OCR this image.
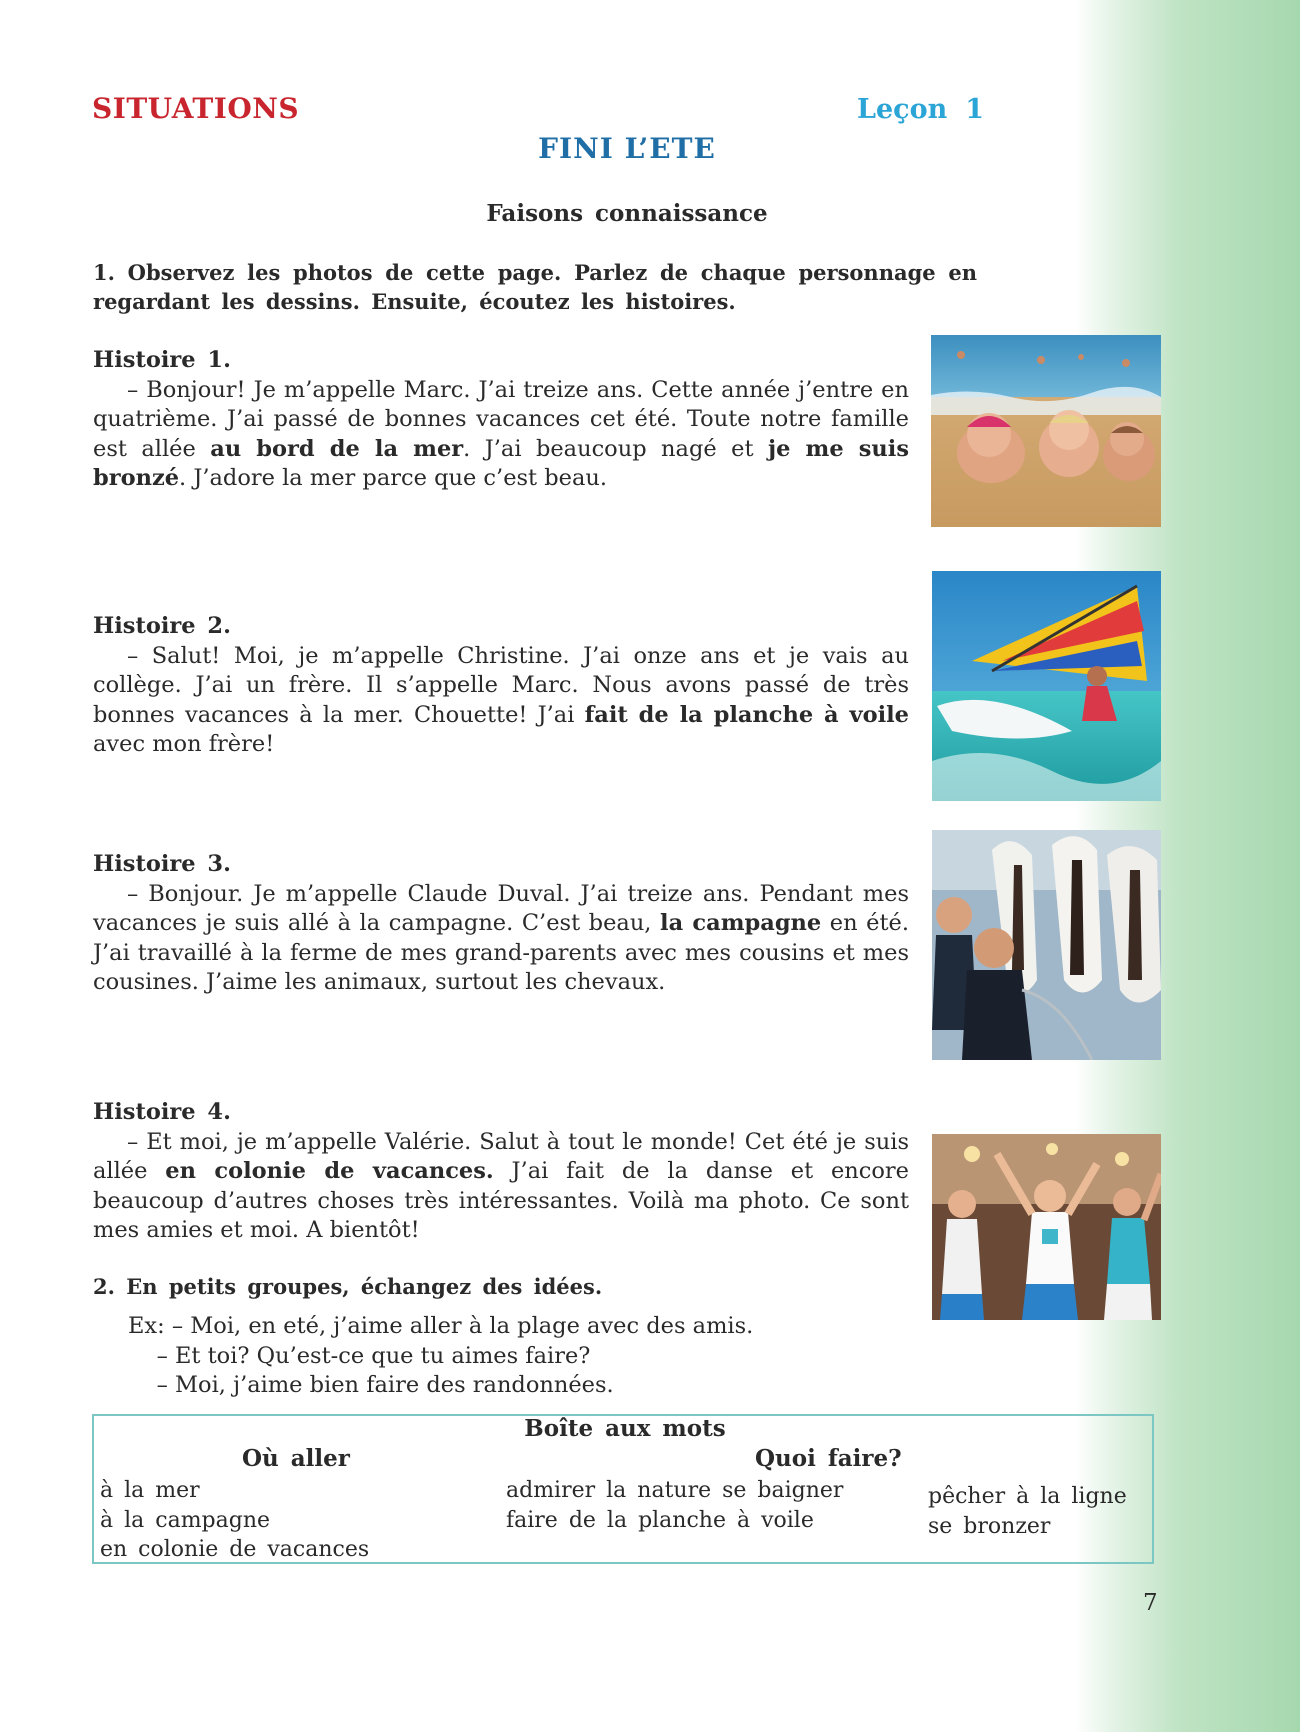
SITUATIONS	Leçon 1
FINI L’ETE
Faisons connaissance
1. Observez les photos de cette page. Parlez de chaque personnage en regardant les dessins. Ensuite, écoutez les histoires.
Histoire 1.
– Bonjour! Je m’appelle Marc. J’ai treize ans. Cette année j’entre en quatrième. J’ai passé de bonnes vacances cet été. Toute notre famille est allée au bord de la mer. J’ai beaucoup nagé et je me suis bronzé. J’adore la mer parce que c’est beau.
Histoire 2.
– Salut! Moi, je m’appelle Christine. J’ai onze ans et je vais au collège. J’ai un frère. Il s’appelle Marc. Nous avons passé de très bonnes vacances à la mer. Chouette! J’ai fait de la planche à voile avec mon frère!
Histoire 3.
– Bonjour. Je m’appelle Claude Duval. J’ai treize ans. Pendant mes vacances je suis allé à la campagne. C’est beau, la campagne en été. J’ai travaillé à la ferme de mes grand-parents avec mes cousins et mes cousines. J’aime les animaux, surtout les chevaux.
Histoire 4.
– Et moi, je m’appelle Valérie. Salut à tout le monde! Cet été je suis allée en colonie de vacances. J’ai fait de la danse et encore beaucoup d’autres choses très intéressantes. Voilà ma photo. Ce sont mes amies et moi. A bientôt!
2. En petits groupes, échangez des idées.
Ex: – Moi, en eté, j’aime aller à la plage avec des amis.
– Et toi? Qu’est-ce que tu aimes faire?
– Moi, j’aime bien faire des randonnées.
Boîte aux mots
Où aller	Quoi faire?
à la mer
à la campagne
en colonie de vacances
admirer la nature se baigner
faire de la planche à voile
pêcher à la ligne
se bronzer
7
